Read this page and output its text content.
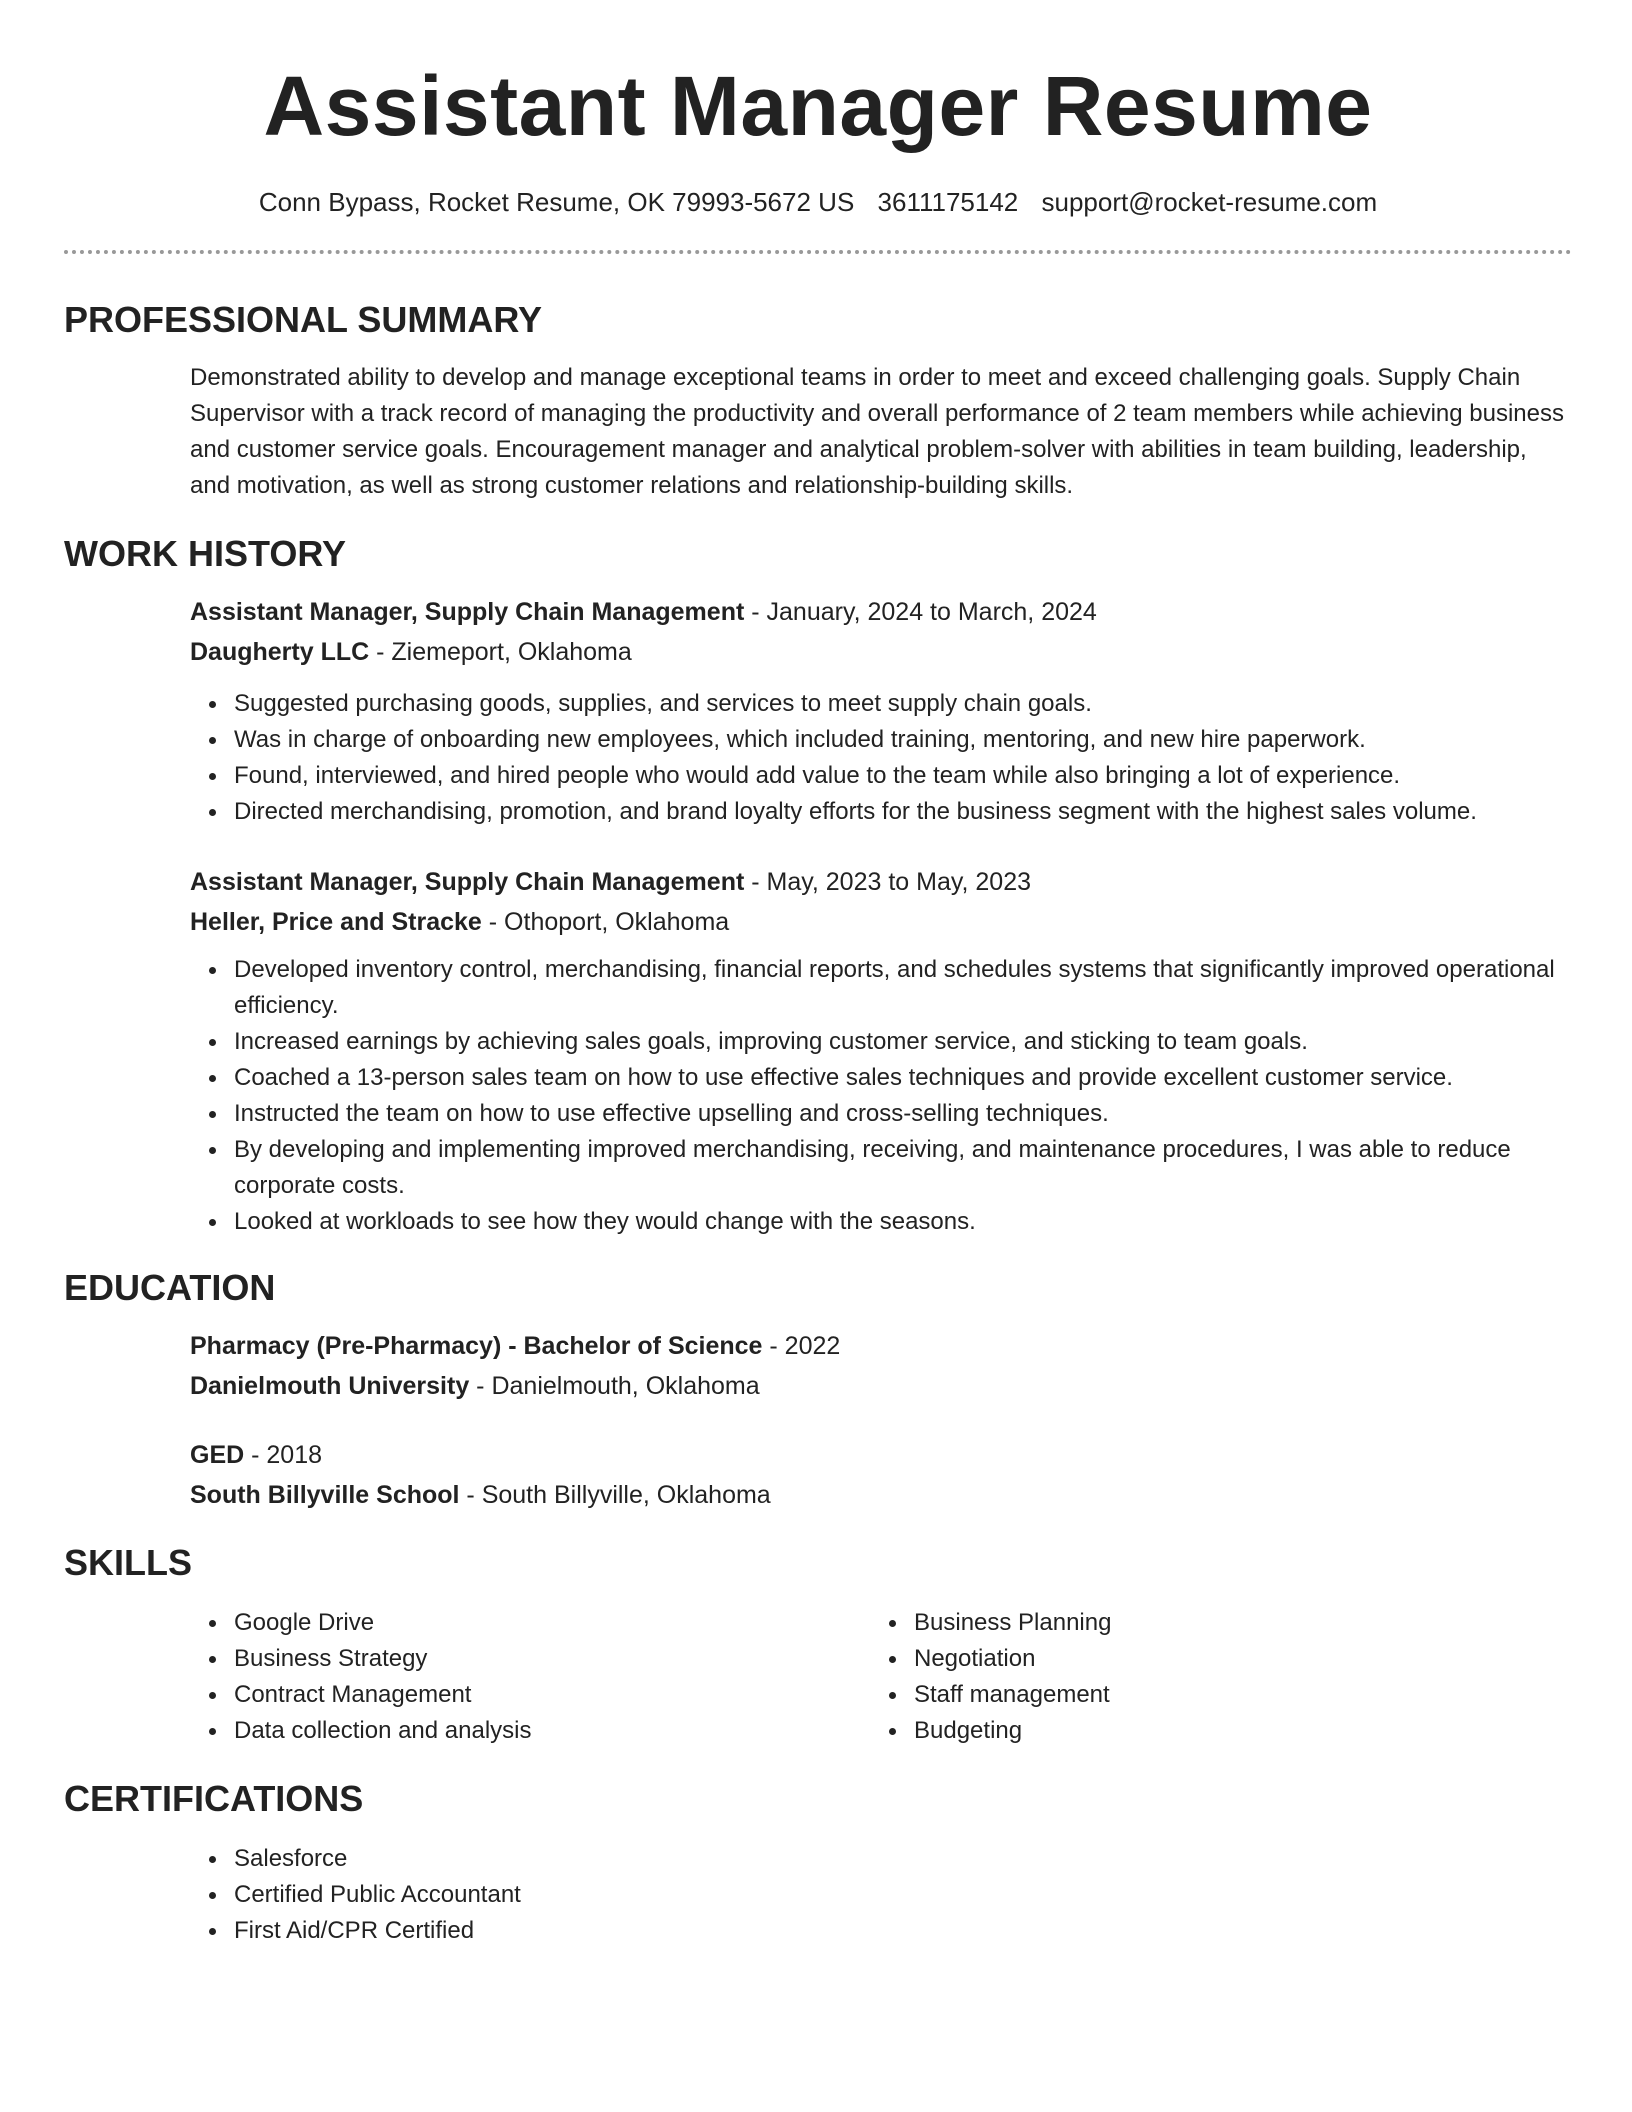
Assistant Manager Resume
Conn Bypass, Rocket Resume, OK 79993-5672 US 3611175142 support@rocket-resume.com
PROFESSIONAL SUMMARY

Demonstrated ability to develop and manage exceptional teams in order to meet and exceed challenging goals. Supply Chain Supervisor with a track record of managing the productivity and overall performance of 2 team members while achieving business and customer service goals. Encouragement manager and analytical problem-solver with abilities in team building, leadership, and motivation, as well as strong customer relations and relationship-building skills.

WORK HISTORY
Assistant Manager, Supply Chain Management - January, 2024 to March, 2024
Daugherty LLC - Ziemeport, Oklahoma
Suggested purchasing goods, supplies, and services to meet supply chain goals.
Was in charge of onboarding new employees, which included training, mentoring, and new hire paperwork.
Found, interviewed, and hired people who would add value to the team while also bringing a lot of experience.
Directed merchandising, promotion, and brand loyalty efforts for the business segment with the highest sales volume.
Assistant Manager, Supply Chain Management - May, 2023 to May, 2023
Heller, Price and Stracke - Othoport, Oklahoma
Developed inventory control, merchandising, financial reports, and schedules systems that significantly improved operational efficiency.
Increased earnings by achieving sales goals, improving customer service, and sticking to team goals.
Coached a 13-person sales team on how to use effective sales techniques and provide excellent customer service.
Instructed the team on how to use effective upselling and cross-selling techniques.
By developing and implementing improved merchandising, receiving, and maintenance procedures, I was able to reduce corporate costs.
Looked at workloads to see how they would change with the seasons.
EDUCATION
Pharmacy (Pre-Pharmacy) - Bachelor of Science - 2022
Danielmouth University - Danielmouth, Oklahoma
GED - 2018
South Billyville School - South Billyville, Oklahoma
SKILLS
Google Drive
Business Strategy
Contract Management
Data collection and analysis
Business Planning
Negotiation
Staff management
Budgeting
CERTIFICATIONS
Salesforce
Certified Public Accountant
First Aid/CPR Certified
